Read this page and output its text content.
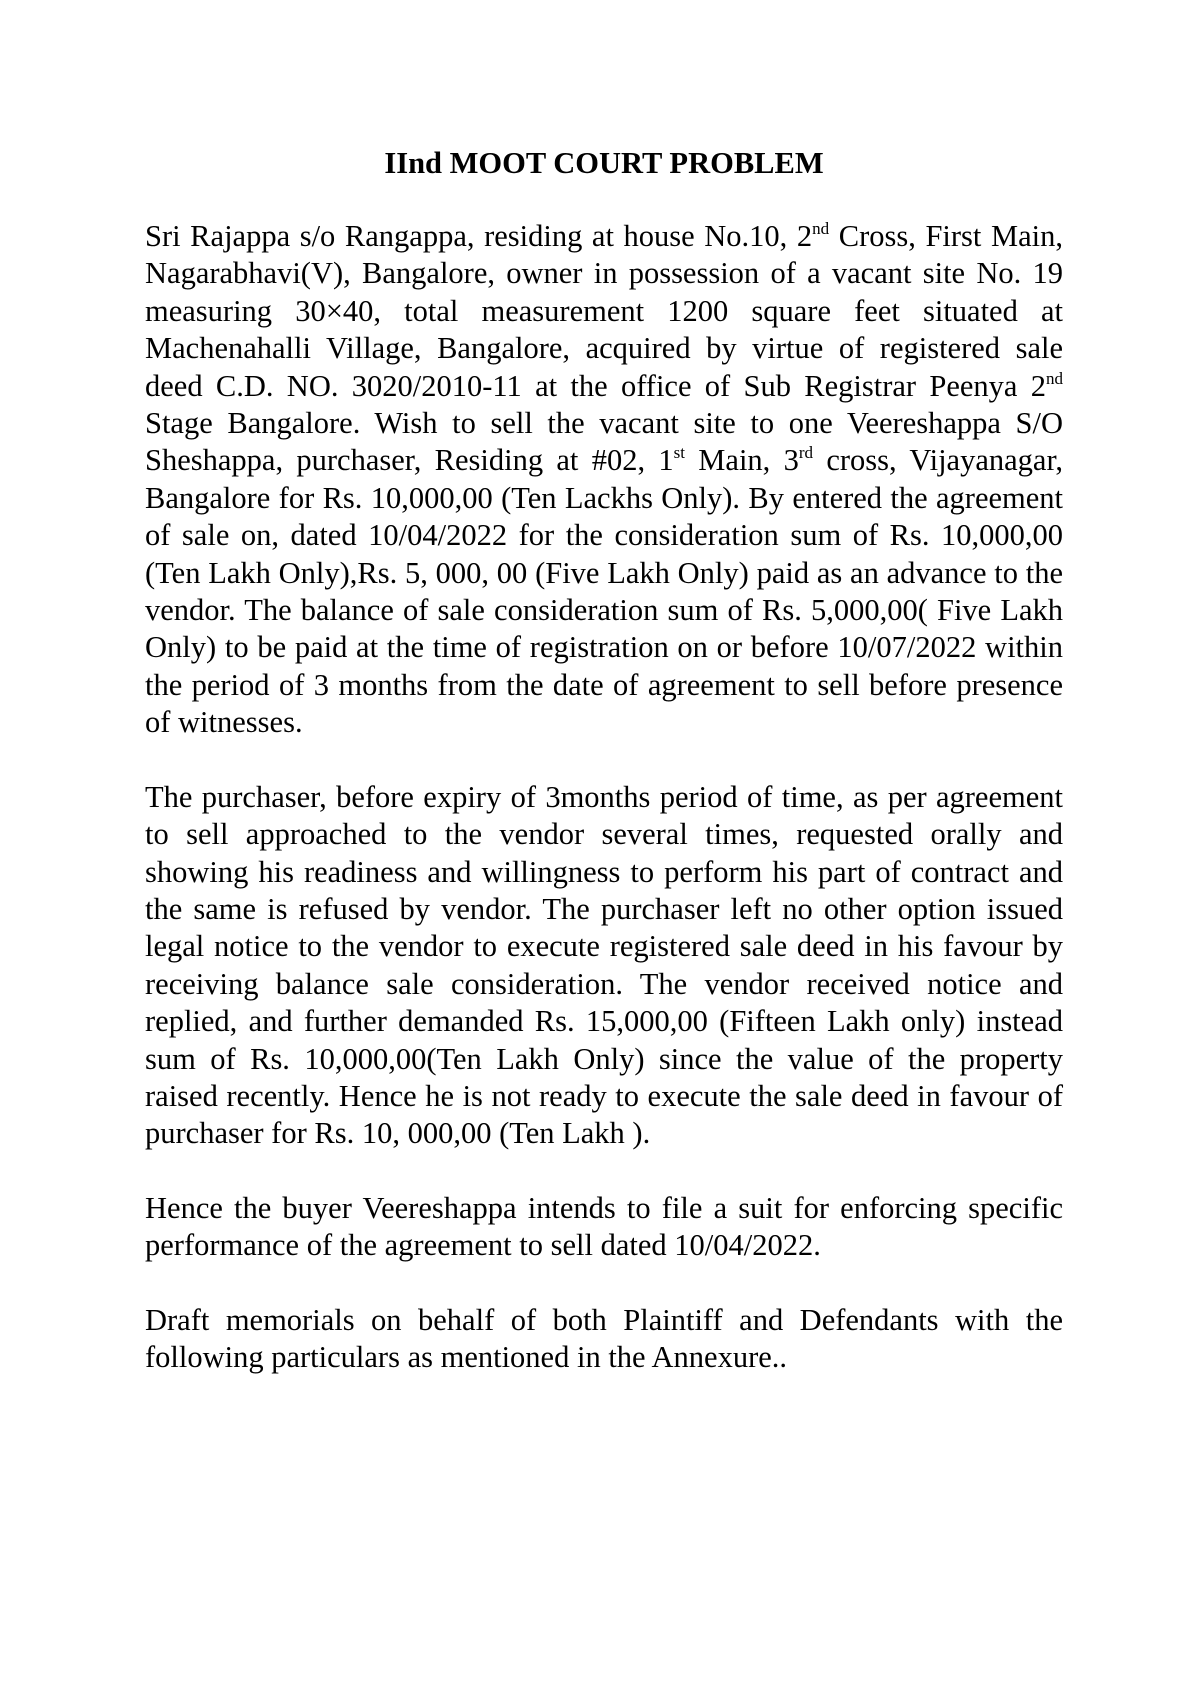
IInd MOOT COURT PROBLEM

Sri Rajappa s/o Rangappa, residing at house No.10, 2nd Cross, First Main, Nagarabhavi(V), Bangalore, owner in possession of a vacant site No. 19 measuring 30×40, total measurement 1200 square feet situated at Machenahalli Village, Bangalore, acquired by virtue of registered sale deed C.D. NO. 3020/2010-11 at the office of Sub Registrar Peenya 2nd Stage Bangalore. Wish to sell the vacant site to one Veereshappa S/O Sheshappa, purchaser, Residing at #02, 1st Main, 3rd cross, Vijayanagar, Bangalore for Rs. 10,000,00 (Ten Lackhs Only). By entered the agreement of sale on, dated 10/04/2022 for the consideration sum of Rs. 10,000,00 (Ten Lakh Only),Rs. 5, 000, 00 (Five Lakh Only) paid as an advance to the vendor. The balance of sale consideration sum of Rs. 5,000,00( Five Lakh Only) to be paid at the time of registration on or before 10/07/2022 within the period of 3 months from the date of agreement to sell before presence of witnesses.

The purchaser, before expiry of 3months period of time, as per agreement to sell approached to the vendor several times, requested orally and showing his readiness and willingness to perform his part of contract and the same is refused by vendor. The purchaser left no other option issued legal notice to the vendor to execute registered sale deed in his favour by receiving balance sale consideration. The vendor received notice and replied, and further demanded Rs. 15,000,00 (Fifteen Lakh only) instead sum of Rs. 10,000,00(Ten Lakh Only) since the value of the property raised recently. Hence he is not ready to execute the sale deed in favour of purchaser for Rs. 10, 000,00 (Ten Lakh ).

Hence the buyer Veereshappa intends to file a suit for enforcing specific performance of the agreement to sell dated 10/04/2022.

Draft memorials on behalf of both Plaintiff and Defendants with the following particulars as mentioned in the Annexure..
